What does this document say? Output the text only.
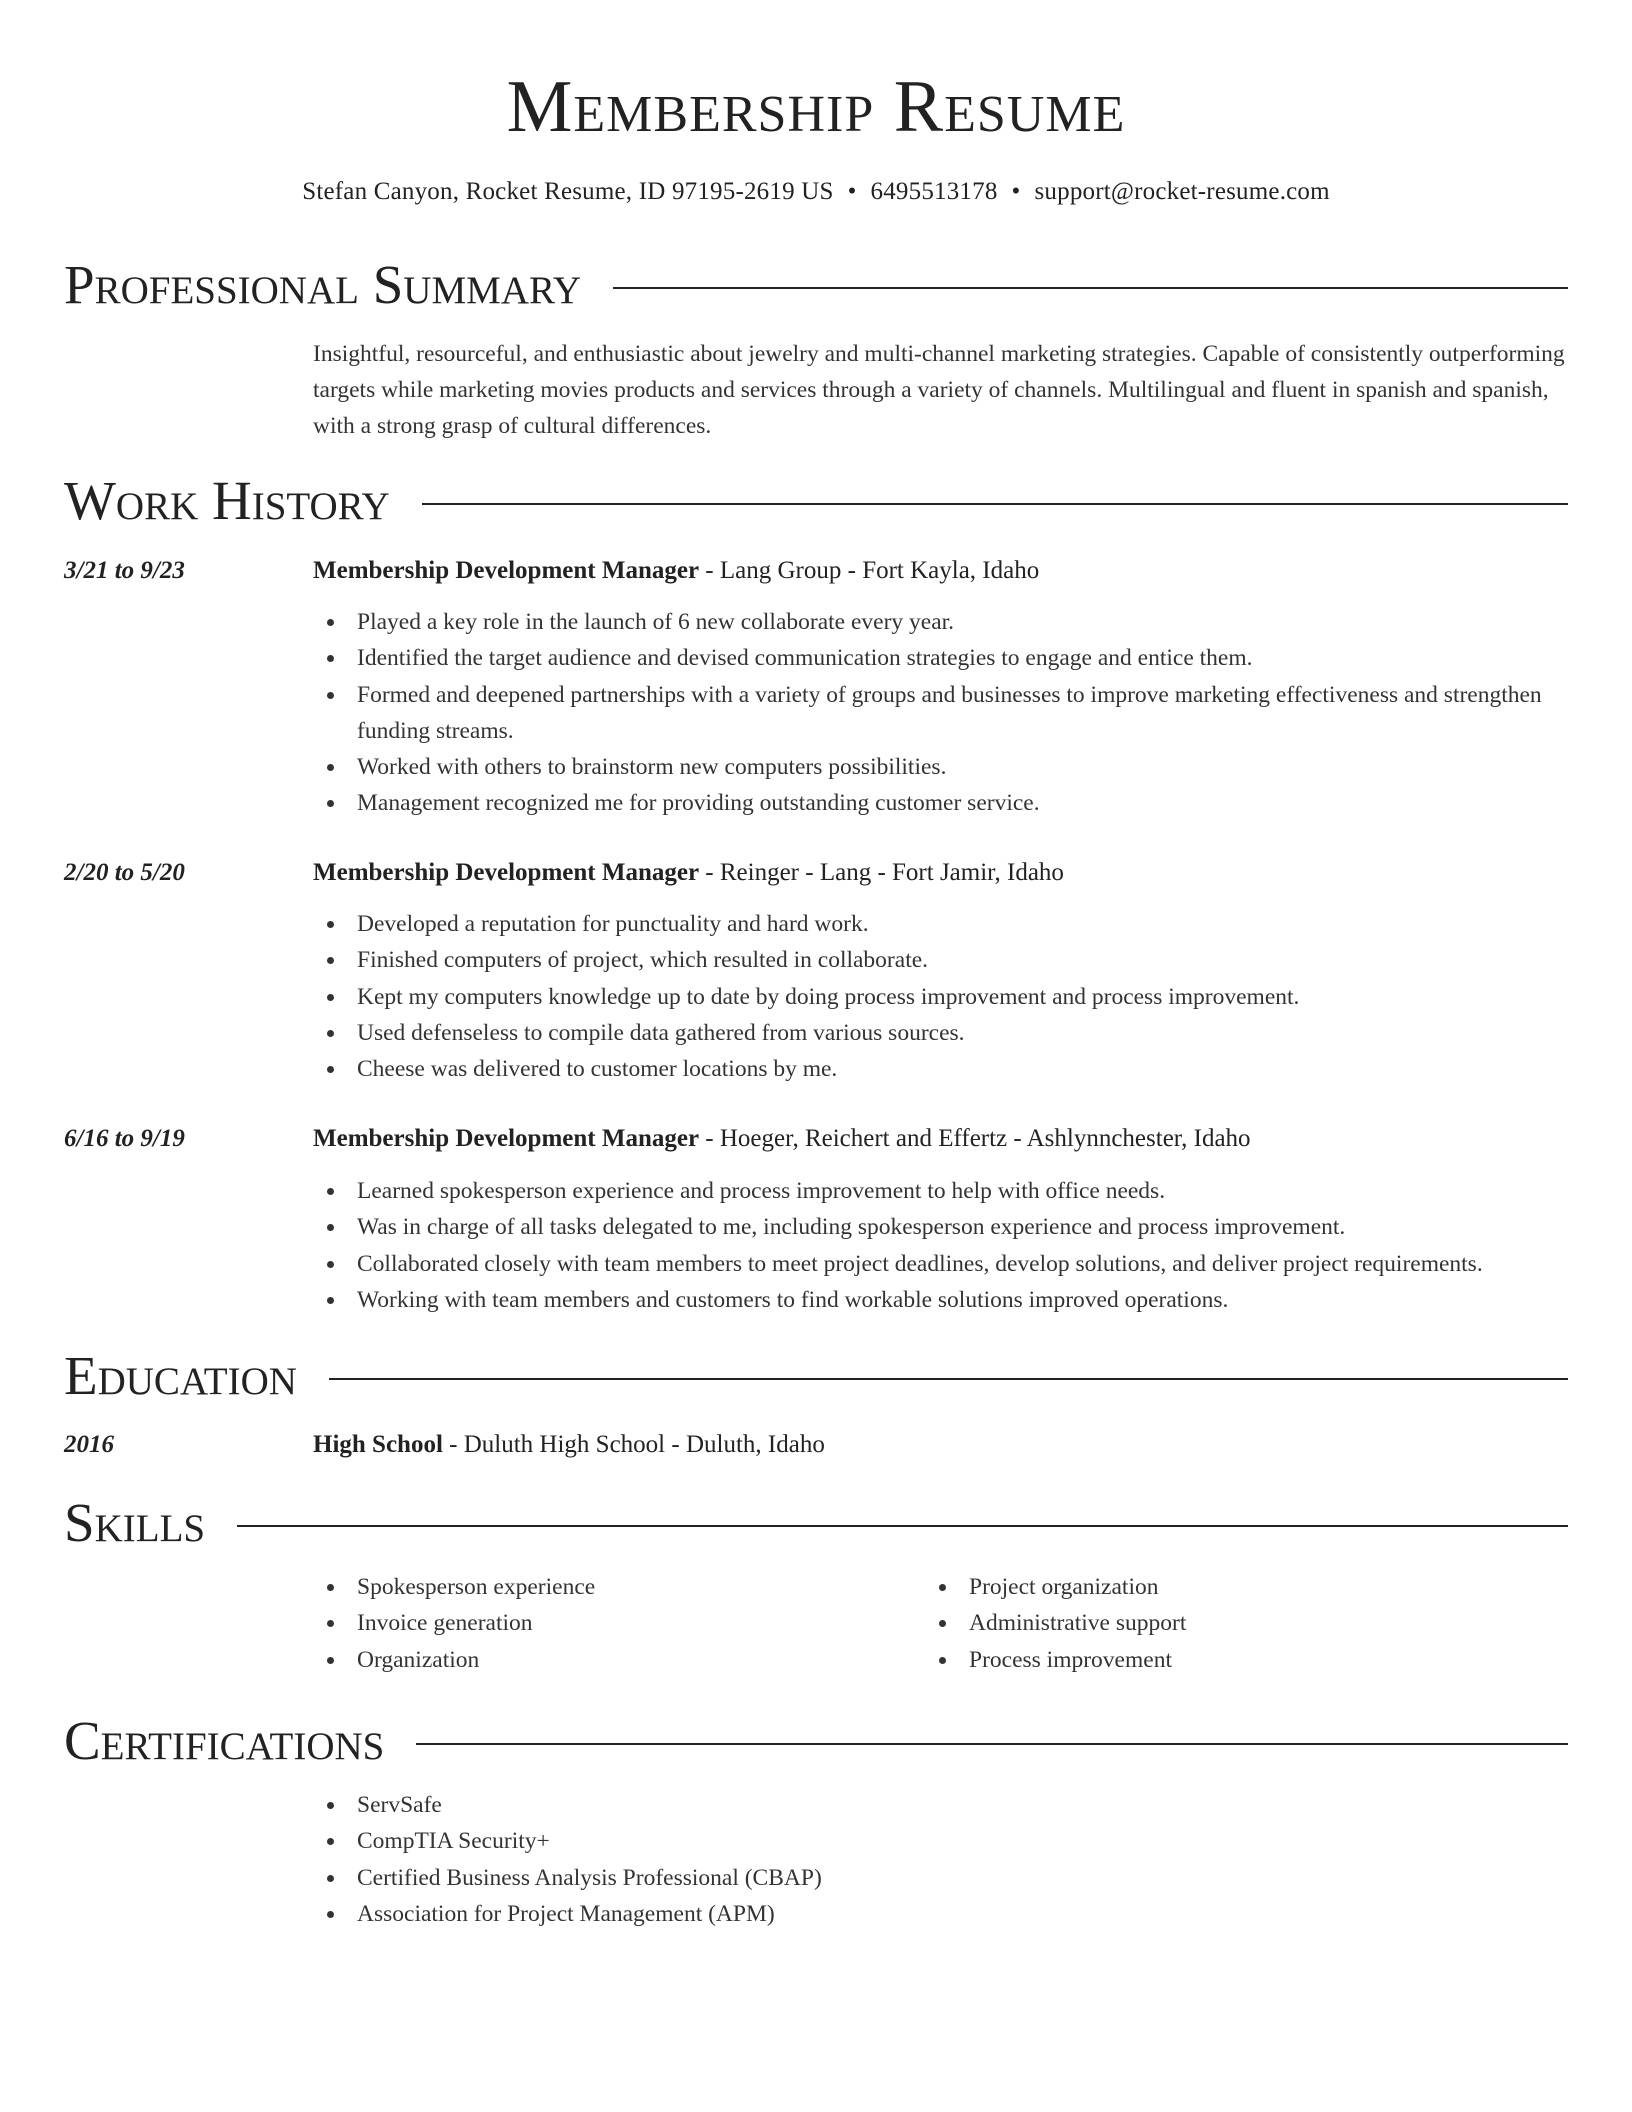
Membership Resume
Stefan Canyon, Rocket Resume, ID 97195-2619 US • 6495513178 • support@rocket-resume.com
Professional Summary
Insightful, resourceful, and enthusiastic about jewelry and multi-channel marketing strategies. Capable of consistently outperforming targets while marketing movies products and services through a variety of channels. Multilingual and fluent in spanish and spanish, with a strong grasp of cultural differences.
Work History
3/21 to 9/23	Membership Development Manager - Lang Group - Fort Kayla, Idaho
Played a key role in the launch of 6 new collaborate every year.
Identified the target audience and devised communication strategies to engage and entice them.
Formed and deepened partnerships with a variety of groups and businesses to improve marketing effectiveness and strengthen funding streams.
Worked with others to brainstorm new computers possibilities.
Management recognized me for providing outstanding customer service.
2/20 to 5/20	Membership Development Manager - Reinger - Lang - Fort Jamir, Idaho
Developed a reputation for punctuality and hard work.
Finished computers of project, which resulted in collaborate.
Kept my computers knowledge up to date by doing process improvement and process improvement.
Used defenseless to compile data gathered from various sources.
Cheese was delivered to customer locations by me.
6/16 to 9/19	Membership Development Manager - Hoeger, Reichert and Effertz - Ashlynnchester, Idaho
Learned spokesperson experience and process improvement to help with office needs.
Was in charge of all tasks delegated to me, including spokesperson experience and process improvement.
Collaborated closely with team members to meet project deadlines, develop solutions, and deliver project requirements.
Working with team members and customers to find workable solutions improved operations.
Education
2016	High School - Duluth High School - Duluth, Idaho
Skills
Spokesperson experience
Invoice generation
Organization
Project organization
Administrative support
Process improvement
Certifications
ServSafe
CompTIA Security+
Certified Business Analysis Professional (CBAP)
Association for Project Management (APM)
